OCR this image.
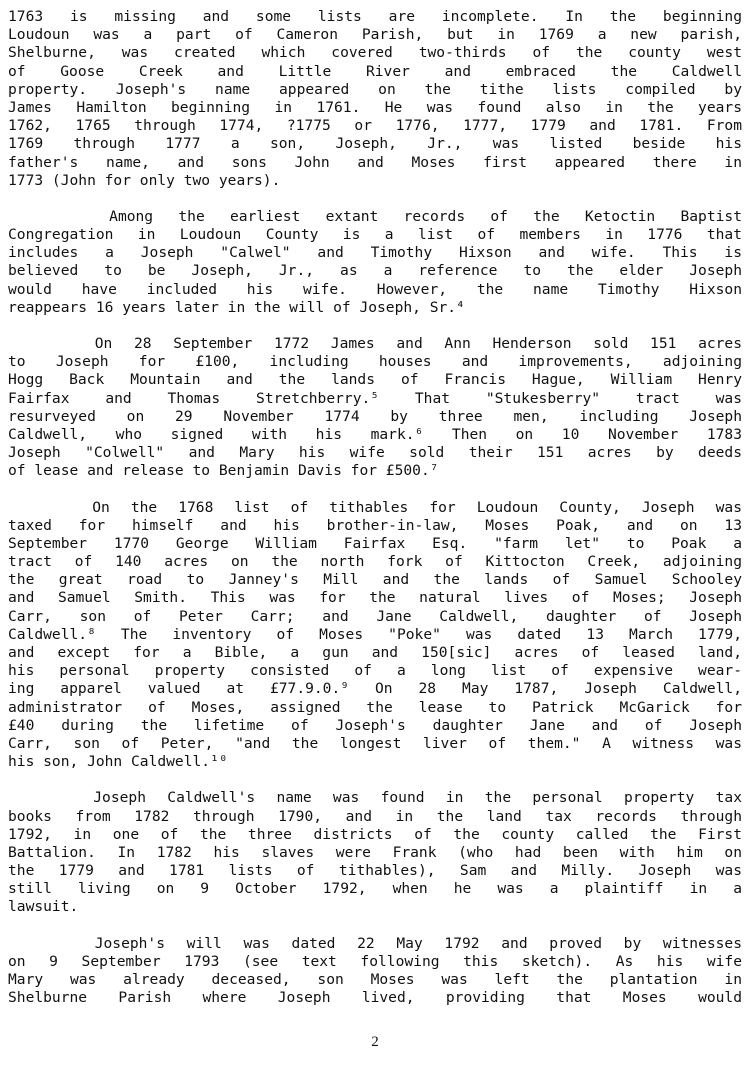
1763 is missing and some lists are incomplete. In the beginning
Loudoun was a part of Cameron Parish, but in 1769 a new parish,
Shelburne, was created which covered two-thirds of the county west
of Goose Creek and Little River and embraced the Caldwell
property. Joseph's name appeared on the tithe lists compiled by
James Hamilton beginning in 1761. He was found also in the years
1762, 1765 through 1774, ?1775 or 1776, 1777, 1779 and 1781. From
1769 through 1777 a son, Joseph, Jr., was listed beside his
father's name, and sons John and Moses first appeared there in
1773 (John for only two years).
Among the earliest extant records of the Ketoctin Baptist
Congregation in Loudoun County is a list of members in 1776 that
includes a Joseph "Calwel" and Timothy Hixson and wife. This is
believed to be Joseph, Jr., as a reference to the elder Joseph
would have included his wife. However, the name Timothy Hixson
reappears 16 years later in the will of Joseph, Sr.⁴
On 28 September 1772 James and Ann Henderson sold 151 acres
to Joseph for £100, including houses and improvements, adjoining
Hogg Back Mountain and the lands of Francis Hague, William Henry
Fairfax and Thomas Stretchberry.⁵ That "Stukesberry" tract was
resurveyed on 29 November 1774 by three men, including Joseph
Caldwell, who signed with his mark.⁶ Then on 10 November 1783
Joseph "Colwell" and Mary his wife sold their 151 acres by deeds
of lease and release to Benjamin Davis for £500.⁷
On the 1768 list of tithables for Loudoun County, Joseph was
taxed for himself and his brother-in-law, Moses Poak, and on 13
September 1770 George William Fairfax Esq. "farm let" to Poak a
tract of 140 acres on the north fork of Kittocton Creek, adjoining
the great road to Janney's Mill and the lands of Samuel Schooley
and Samuel Smith. This was for the natural lives of Moses; Joseph
Carr, son of Peter Carr; and Jane Caldwell, daughter of Joseph
Caldwell.⁸ The inventory of Moses "Poke" was dated 13 March 1779,
and except for a Bible, a gun and 150[sic] acres of leased land,
his personal property consisted of a long list of expensive wear-
ing apparel valued at £77.9.0.⁹ On 28 May 1787, Joseph Caldwell,
administrator of Moses, assigned the lease to Patrick McGarick for
£40 during the lifetime of Joseph's daughter Jane and of Joseph
Carr, son of Peter, "and the longest liver of them." A witness was
his son, John Caldwell.¹⁰
Joseph Caldwell's name was found in the personal property tax
books from 1782 through 1790, and in the land tax records through
1792, in one of the three districts of the county called the First
Battalion. In 1782 his slaves were Frank (who had been with him on
the 1779 and 1781 lists of tithables), Sam and Milly. Joseph was
still living on 9 October 1792, when he was a plaintiff in a
lawsuit.
Joseph's will was dated 22 May 1792 and proved by witnesses
on 9 September 1793 (see text following this sketch). As his wife
Mary was already deceased, son Moses was left the plantation in
Shelburne Parish where Joseph lived, providing that Moses would
2
